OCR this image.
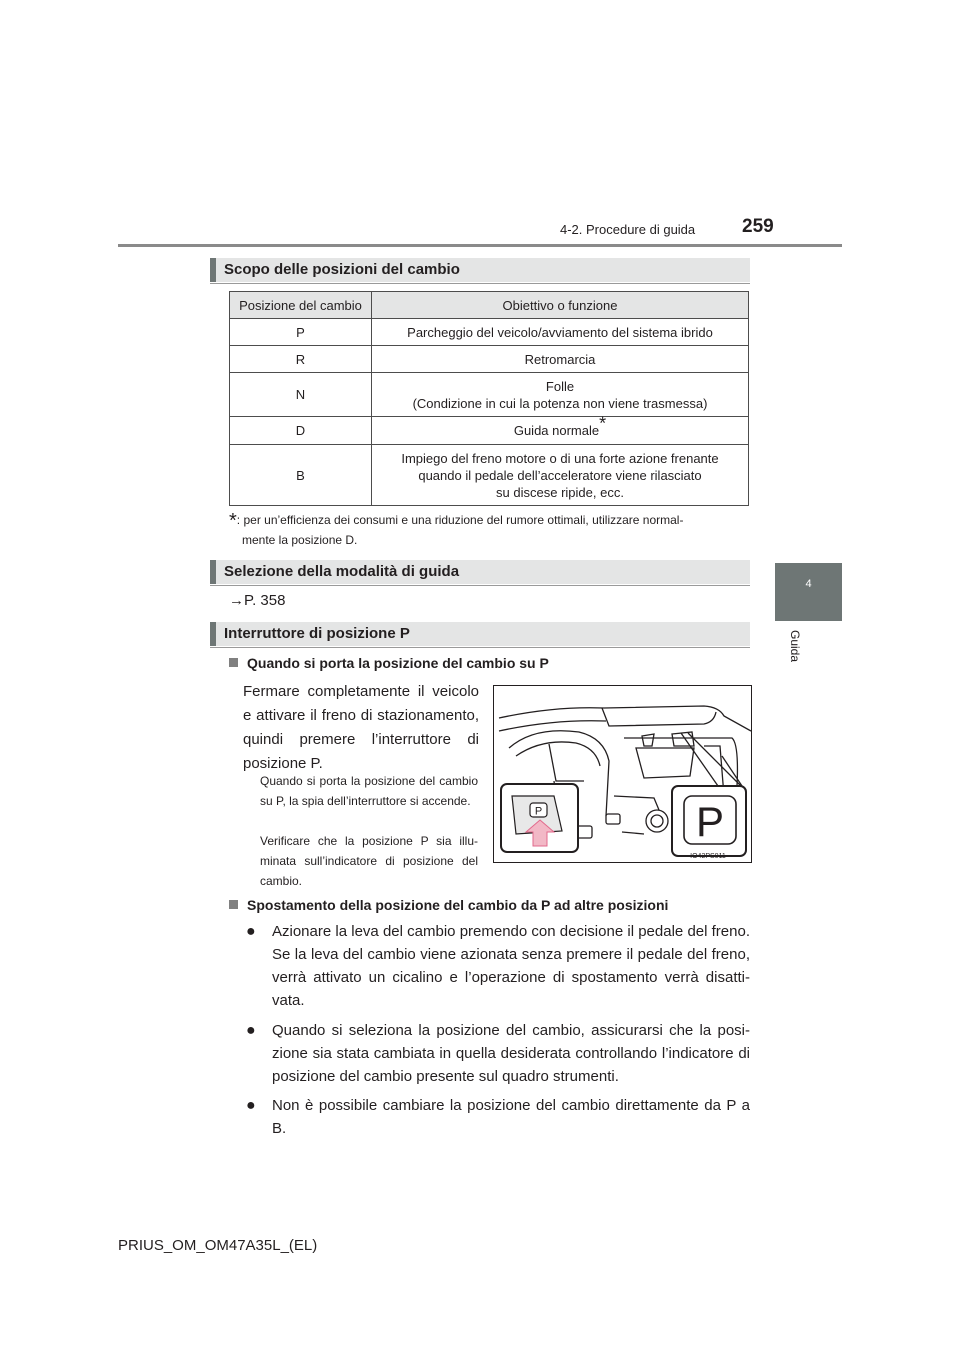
4-2. Procedure di guida 259
4
Guida
Scopo delle posizioni del cambio
Posizione del cambio	Obiettivo o funzione
P	Parcheggio del veicolo/avviamento del sistema ibrido
R	Retromarcia
N	Folle
(Condizione in cui la potenza non viene trasmessa)

D	Guida normale*
B	Impiego del freno motore o di una forte azione frenante
quando il pedale dell’acceleratore viene rilasciato
su discese ripide, ecc.
*: per un’efficienza dei consumi e una riduzione del rumore ottimali, utilizzare normal-
mente la posizione D.
Selezione della modalità di guida
→P. 358
Interruttore di posizione P
Quando si porta la posizione del cambio su P
Fermare completamente il veicolo e attivare il freno di stazionamento, quindi premere l’interruttore di posizione P.
Quando si porta la posizione del cambio su P, la spia dell’interruttore si accende.
Verificare che la posizione P sia illu-minata sull’indicatore di posizione del cambio.
P	P
IO42PS011
Spostamento della posizione del cambio da P ad altre posizioni
●	Azionare la leva del cambio premendo con decisione il pedale del freno. Se la leva del cambio viene azionata senza premere il pedale del freno, verrà attivato un cicalino e l’operazione di spostamento verrà disatti-vata.
●	Quando si seleziona la posizione del cambio, assicurarsi che la posi-zione sia stata cambiata in quella desiderata controllando l’indicatore di posizione del cambio presente sul quadro strumenti.
●	Non è possibile cambiare la posizione del cambio direttamente da P a B.
PRIUS_OM_OM47A35L_(EL)
